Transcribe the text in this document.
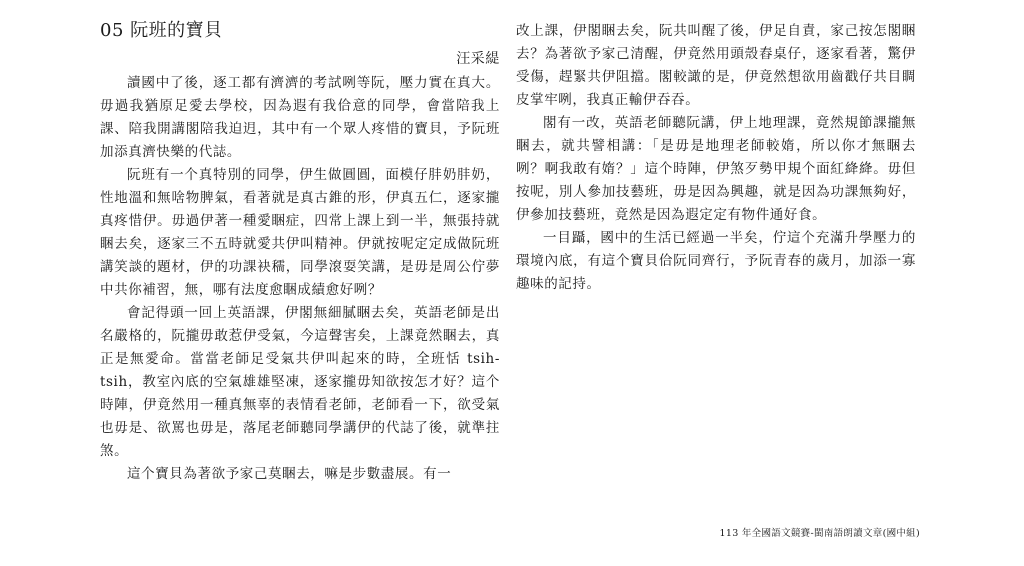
05 阮班的寶貝
汪采緹

讀國中了後，逐工都有濟濟的考試咧等阮，壓力實在真大。毋過我猶原足愛去學校，因為遐有我佮意的同學，會當陪我上課、陪我開講閣陪我迫迌，其中有一个眾人疼惜的寶貝，予阮班加添真濟快樂的代誌。

阮班有一个真特別的同學，伊生做圓圓，面模仔肨奶肨奶，性地溫和無啥物脾氣，看著就是真古錐的形，伊真五仁，逐家攏真疼惜伊。毋過伊著一種愛睏症，四常上課上到一半，無張持就睏去矣，逐家三不五時就愛共伊叫精神。伊就按呢定定成做阮班講笑談的題材，伊的功課袂穤，同學滾耍笑講，是毋是周公佇夢中共你補習，無，哪有法度愈睏成績愈好咧？

會記得頭一回上英語課，伊閣無細膩睏去矣，英語老師是出名嚴格的，阮攏毋敢惹伊受氣，今這聲害矣，上課竟然睏去，真正是無愛命。當當老師足受氣共伊叫起來的時，全班恬 tsih-tsih，教室內底的空氣雄雄堅凍，逐家攏毋知欲按怎才好？這个時陣，伊竟然用一種真無辜的表情看老師，老師看一下，欲受氣也毋是、欲罵也毋是，落尾老師聽同學講伊的代誌了後，就準拄煞。

這个寶貝為著欲予家己莫睏去，嘛是步數盡展。有一

改上課，伊閣睏去矣，阮共叫醒了後，伊足自責，家己按怎閣睏去？為著欲予家己清醒，伊竟然用頭殼舂桌仔，逐家看著，驚伊受傷，趕緊共伊阻擋。閣較譀的是，伊竟然想欲用齒戳仔共目睭皮掌牢咧，我真正輸伊吞吞。

閣有一改，英語老師聽阮講，伊上地理課，竟然規節課攏無睏去，就共譬相講：「是毋是地理老師較媠，所以你才無睏去咧？啊我敢有媠？」這个時陣，伊煞歹勢甲規个面紅絳絳。毋但按呢，別人參加技藝班，毋是因為興趣，就是因為功課無夠好，伊參加技藝班，竟然是因為遐定定有物件通好食。

一目躡，國中的生活已經過一半矣，佇這个充滿升學壓力的環境內底，有這个寶貝佮阮同齊行，予阮青春的歲月，加添一寡趣味的記持。

113 年全國語文競賽-閩南語朗讀文章(國中組)
